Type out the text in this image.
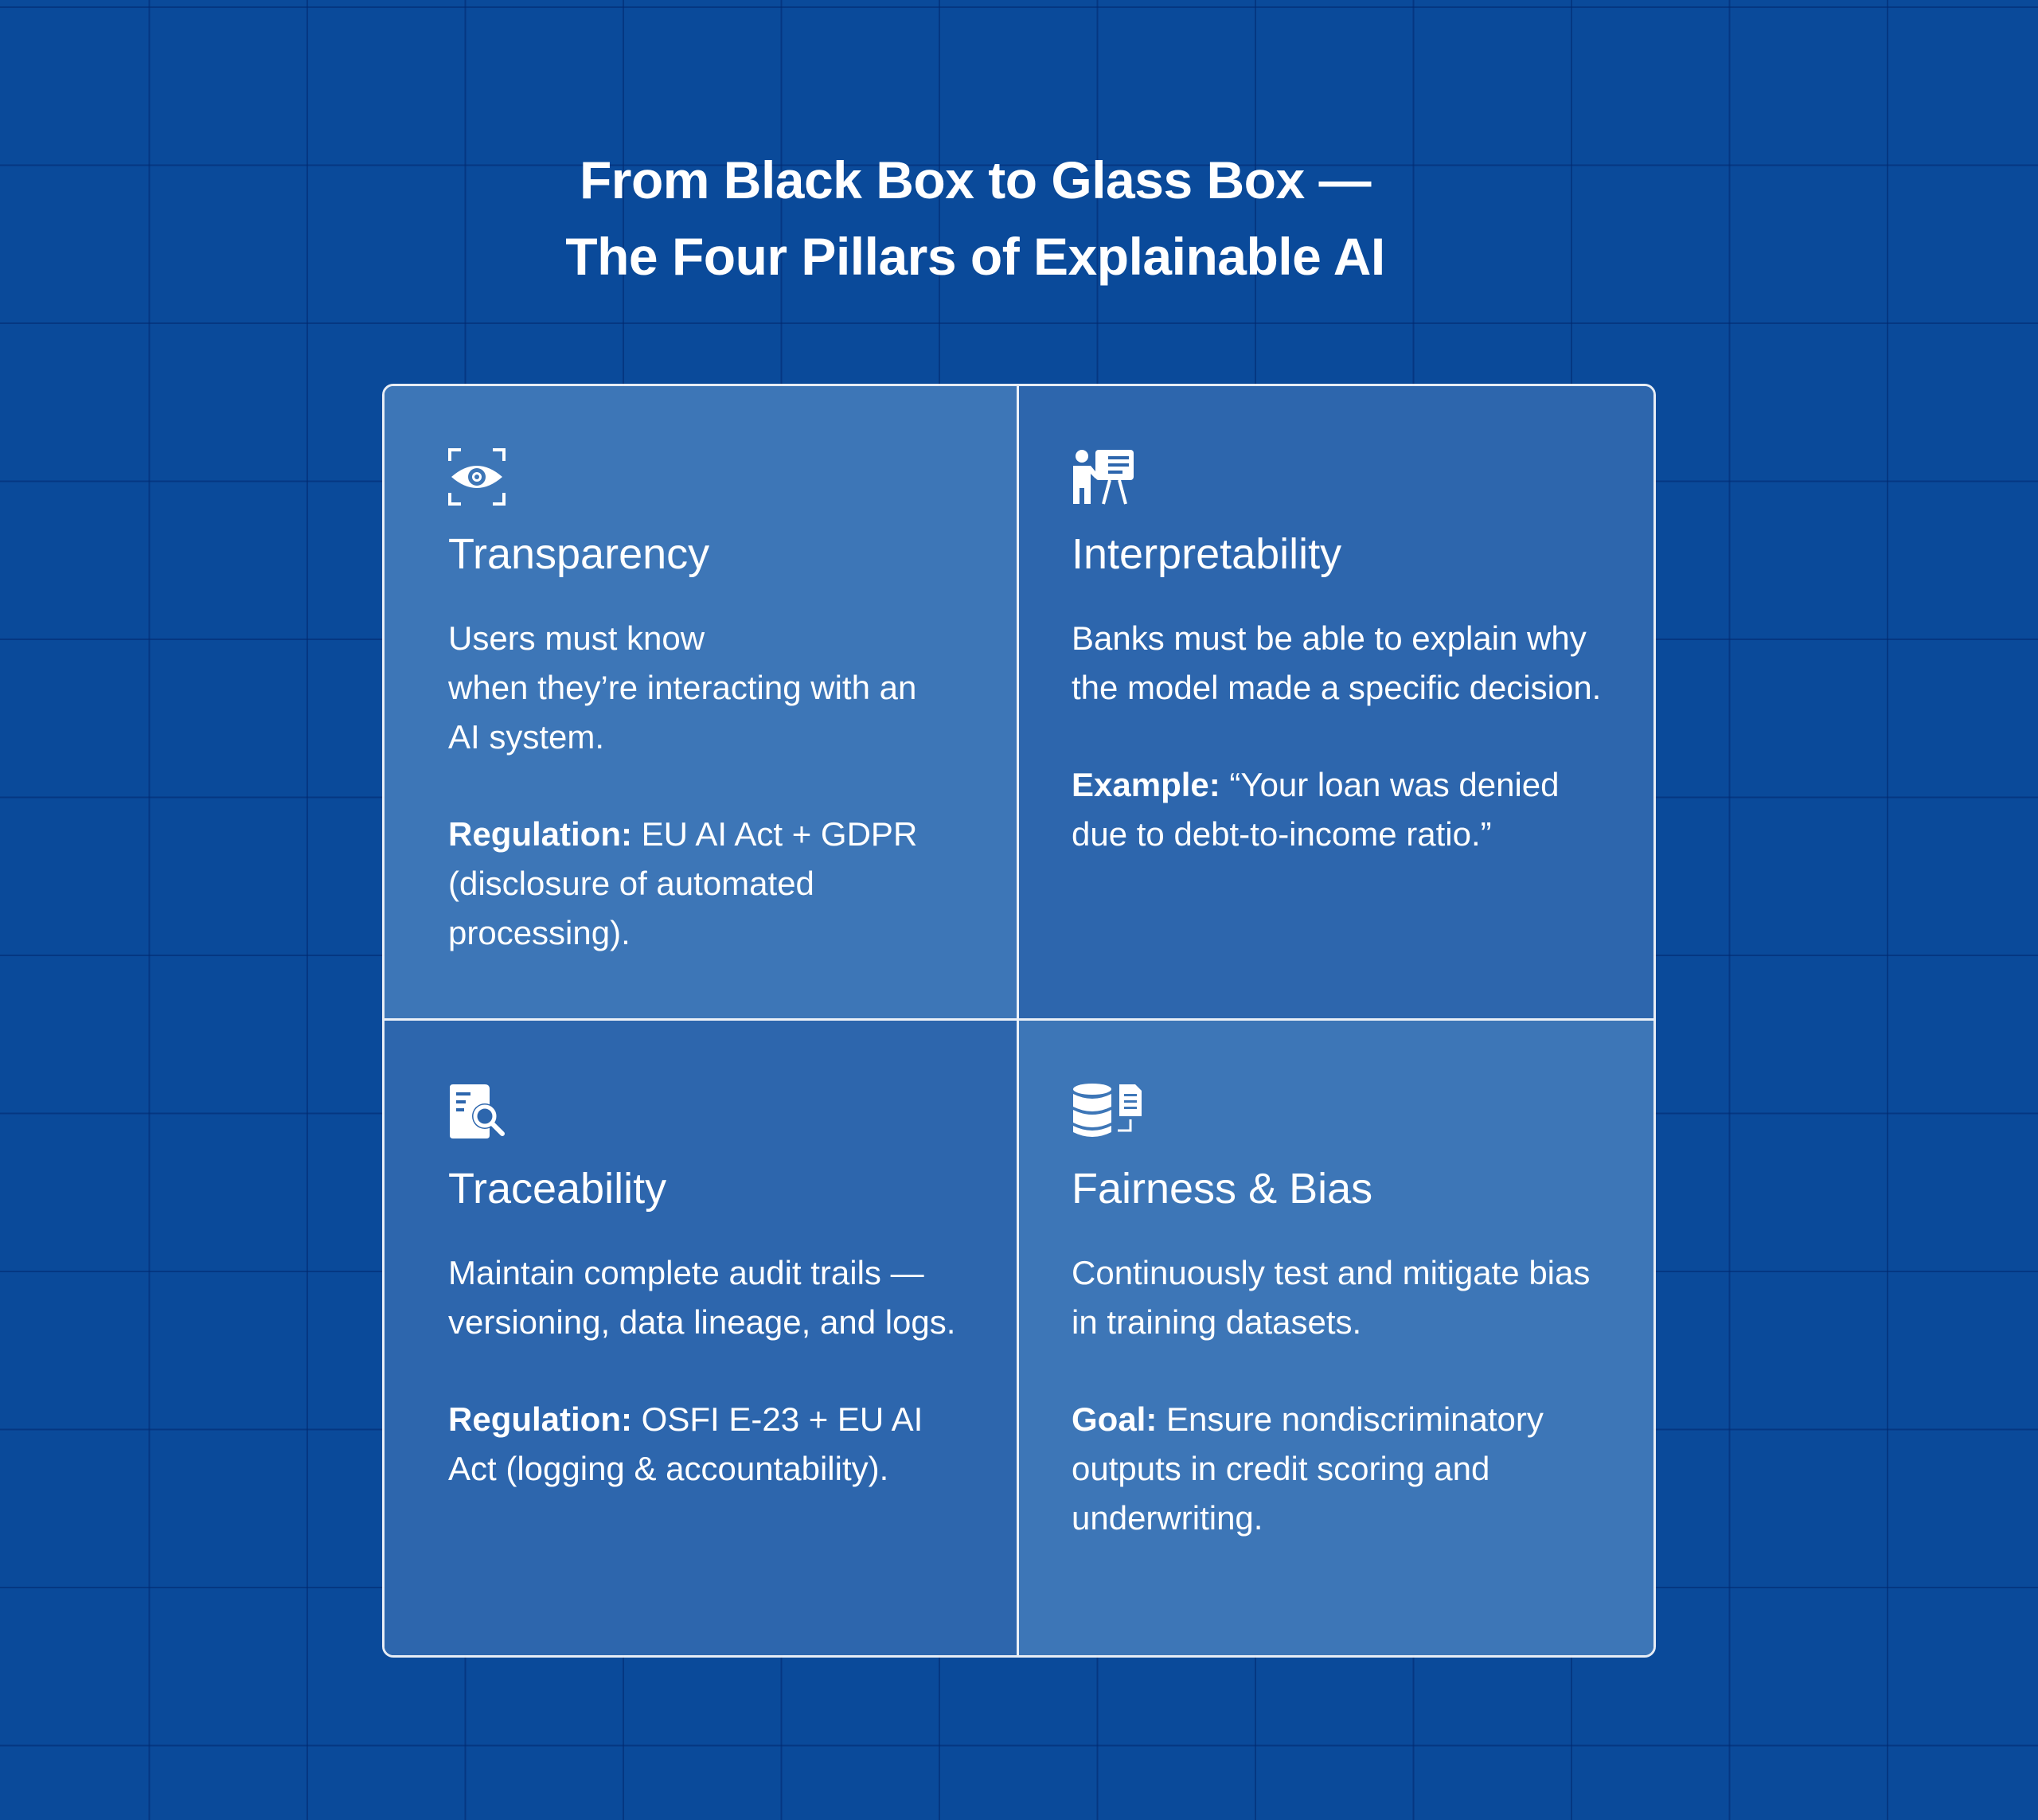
From Black Box to Glass Box —
The Four Pillars of Explainable AI
Transparency

Users must know
when they’re interacting with an
AI system.

Regulation: EU AI Act + GDPR (disclosure of automated processing).

Interpretability

Banks must be able to explain why the model made a specific decision.

Example: “Your loan was denied due to debt-to-income ratio.”

Traceability

Maintain complete audit trails — versioning, data lineage, and logs.

Regulation: OSFI E-23 + EU AI Act (logging & accountability).

Fairness & Bias

Continuously test and mitigate bias in training datasets.

Goal: Ensure nondiscriminatory outputs in credit scoring and underwriting.
